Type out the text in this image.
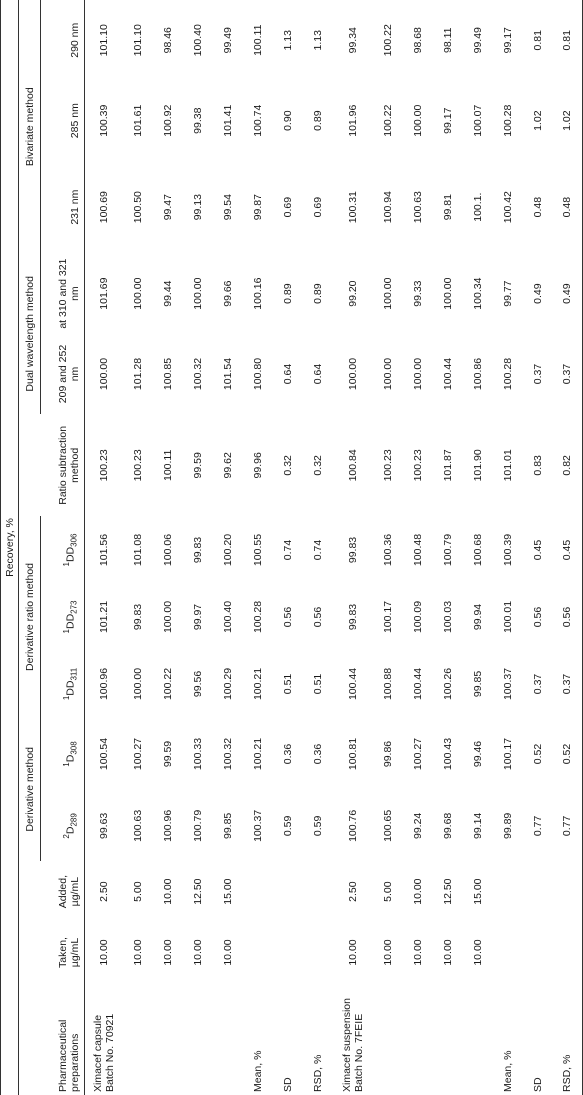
Recovery, %													
Pharmaceutical preparations	Taken, µg/mL	Added, µg/mL	Derivative method		Derivative ratio method			Ratio subtraction method	Dual wavelength method		Bivariate method		
			$^2D_{289}$	$^1D_{308}$	$^1DD_{311}$	$^1DD_{273}$	$^1DD_{306}$		209 and 252 nm	at 310 and 321 nm	231 nm	285 nm	290 nm
Ximacef capsule Batch No. 70921	10.00	2.50	99.63	100.54	100.96	101.21	101.56	100.23	100.00	101.69	100.69	100.39	101.10
	10.00	5.00	100.63	100.27	100.00	99.83	101.08	100.23	101.28	100.00	100.50	101.61	101.10
	10.00	10.00	100.96	99.59	100.22	100.00	100.06	100.11	100.85	99.44	99.47	100.92	98.46
	10.00	12.50	100.79	100.33	99.56	99.97	99.83	99.59	100.32	100.00	99.13	99.38	100.40
	10.00	15.00	99.85	100.32	100.29	100.40	100.20	99.62	101.54	99.66	99.54	101.41	99.49
Mean, %			100.37	100.21	100.21	100.28	100.55	99.96	100.80	100.16	99.87	100.74	100.11
SD			0.59	0.36	0.51	0.56	0.74	0.32	0.64	0.89	0.69	0.90	1.13
RSD, %			0.59	0.36	0.51	0.56	0.74	0.32	0.64	0.89	0.69	0.89	1.13
Ximacef suspension Batch No. 7FEIE	10.00	2.50	100.76	100.81	100.44	99.83	99.83	100.84	100.00	99.20	100.31	101.96	99.34
	10.00	5.00	100.65	99.86	100.88	100.17	100.36	100.23	100.00	100.00	100.94	100.22	100.22
	10.00	10.00	99.24	100.27	100.44	100.09	100.48	100.23	100.00	99.33	100.63	100.00	98.68
	10.00	12.50	99.68	100.43	100.26	100.03	100.79	101.87	100.44	100.00	99.81	99.17	98.11
	10.00	15.00	99.14	99.46	99.85	99.94	100.68	101.90	100.86	100.34	100.1.	100.07	99.49
Mean, %			99.89	100.17	100.37	100.01	100.39	101.01	100.28	99.77	100.42	100.28	99.17
SD			0.77	0.52	0.37	0.56	0.45	0.83	0.37	0.49	0.48	1.02	0.81
RSD, %			0.77	0.52	0.37	0.56	0.45	0.82	0.37	0.49	0.48	1.02	0.81
